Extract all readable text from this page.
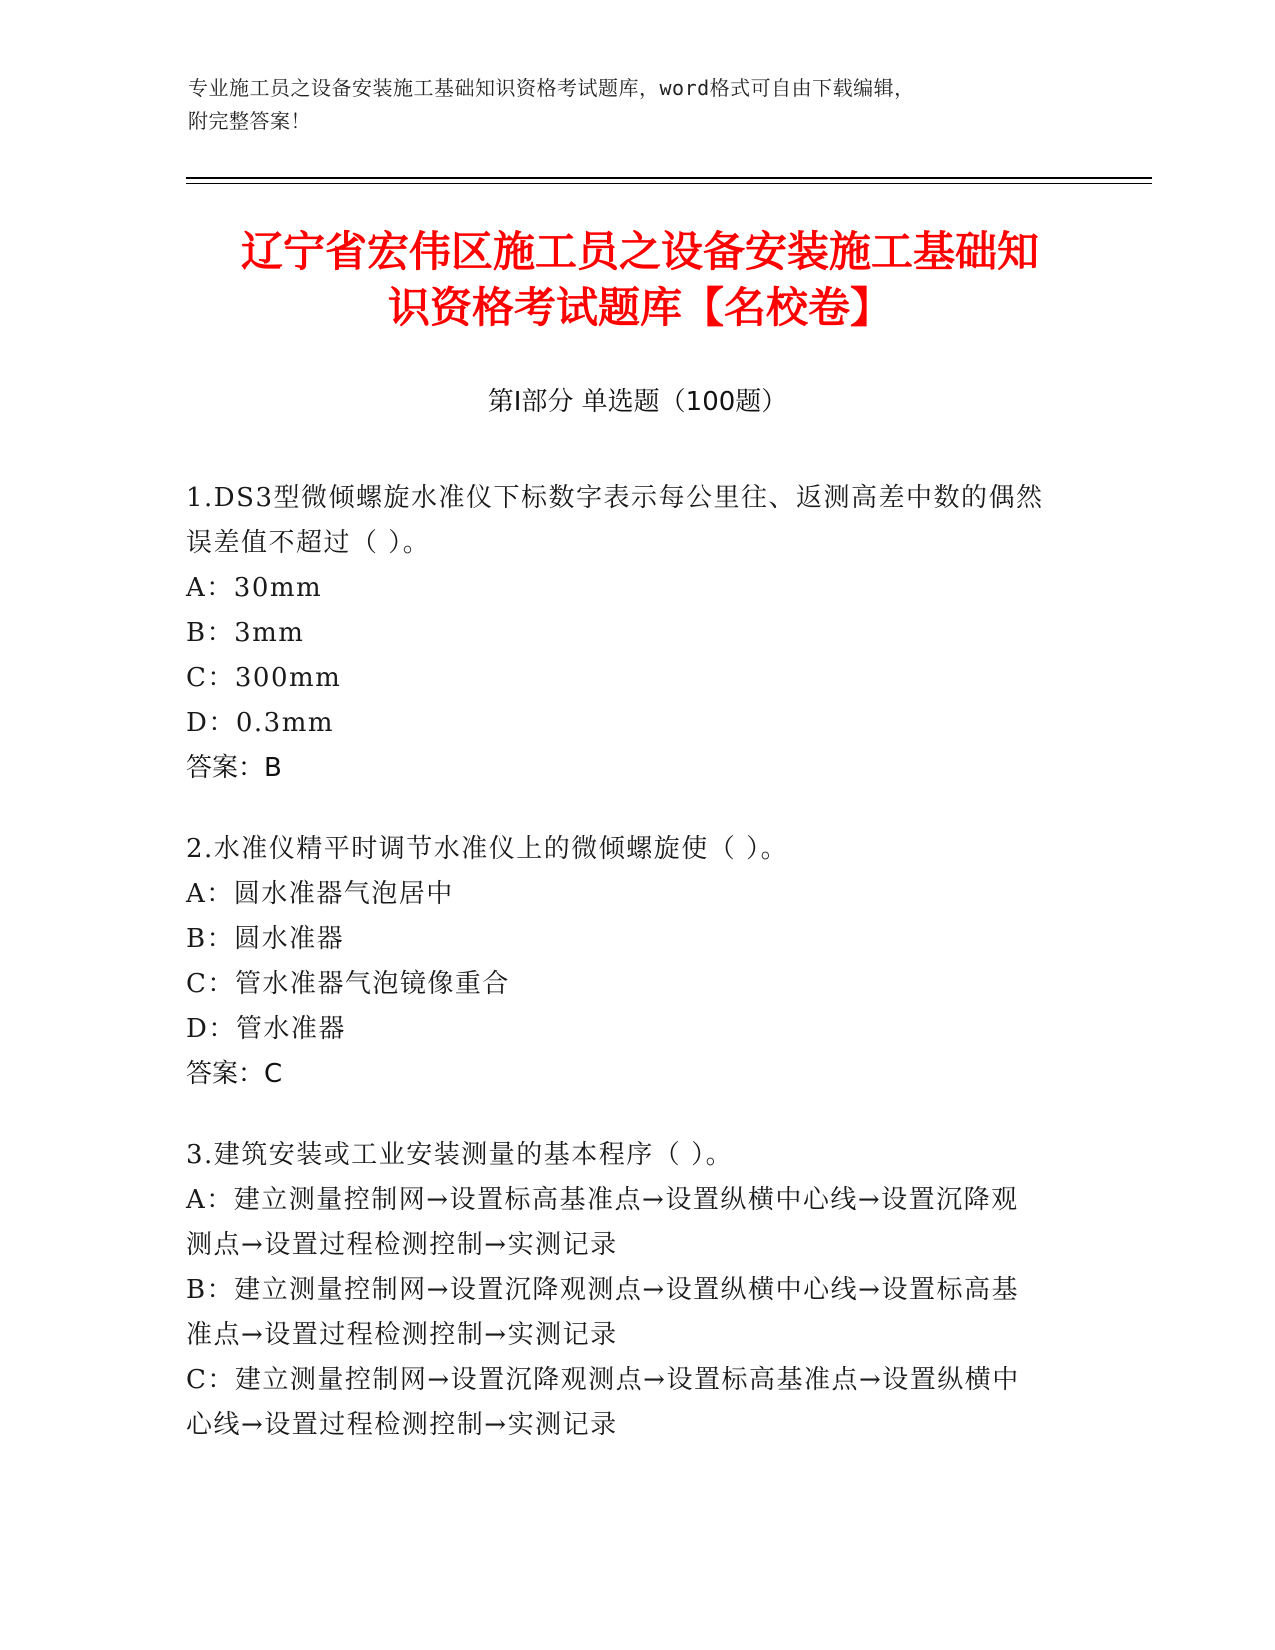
专业施工员之设备安装施工基础知识资格考试题库，word格式可自由下载编辑，
附完整答案！
辽宁省宏伟区施工员之设备安装施工基础知
识资格考试题库【名校卷】
第Ⅰ部分 单选题（100题）
1.DS3型微倾螺旋水准仪下标数字表示每公里往、返测高差中数的偶然
误差值不超过（ ）。
A：30mm
B：3mm
C：300mm
D：0.3mm
答案：B
2.水准仪精平时调节水准仪上的微倾螺旋使（ ）。
A：圆水准器气泡居中
B：圆水准器
C：管水准器气泡镜像重合
D：管水准器
答案：C
3.建筑安装或工业安装测量的基本程序（ ）。
A：建立测量控制网→设置标高基准点→设置纵横中心线→设置沉降观
测点→设置过程检测控制→实测记录
B：建立测量控制网→设置沉降观测点→设置纵横中心线→设置标高基
准点→设置过程检测控制→实测记录
C：建立测量控制网→设置沉降观测点→设置标高基准点→设置纵横中
心线→设置过程检测控制→实测记录
